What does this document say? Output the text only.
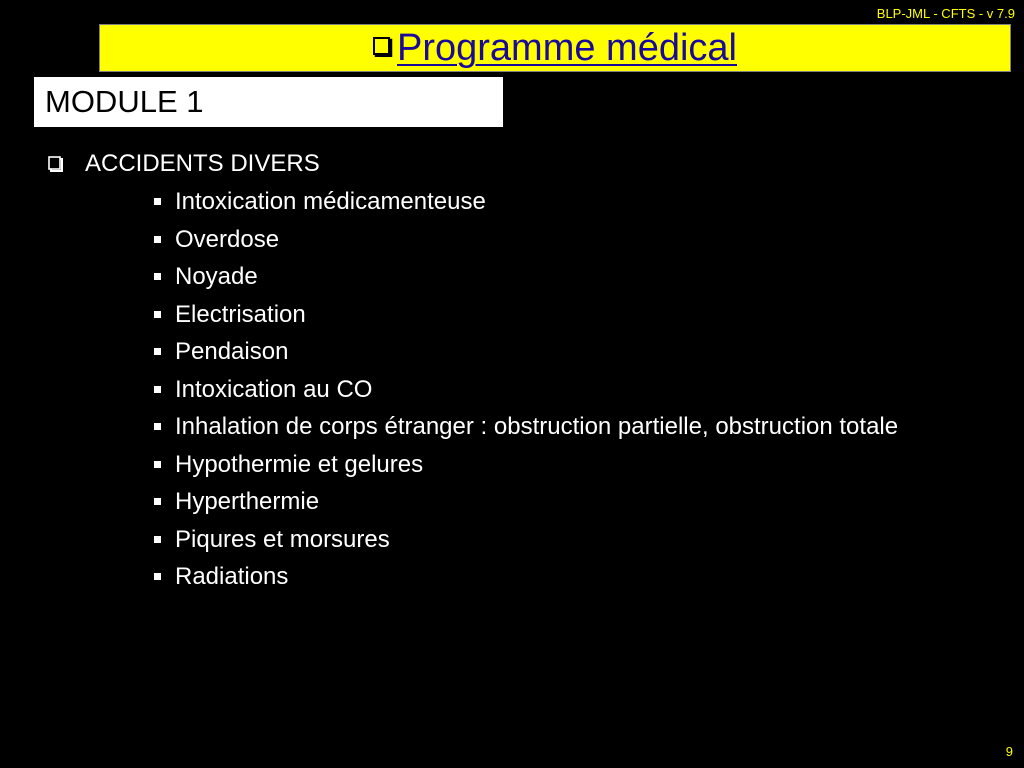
BLP-JML - CFTS - v 7.9
Programme médical
MODULE 1
ACCIDENTS DIVERS
Intoxication médicamenteuse
Overdose
Noyade
Electrisation
Pendaison
Intoxication au CO
Inhalation de corps étranger : obstruction partielle, obstruction totale
Hypothermie et gelures
Hyperthermie
Piqures et morsures
Radiations
9
